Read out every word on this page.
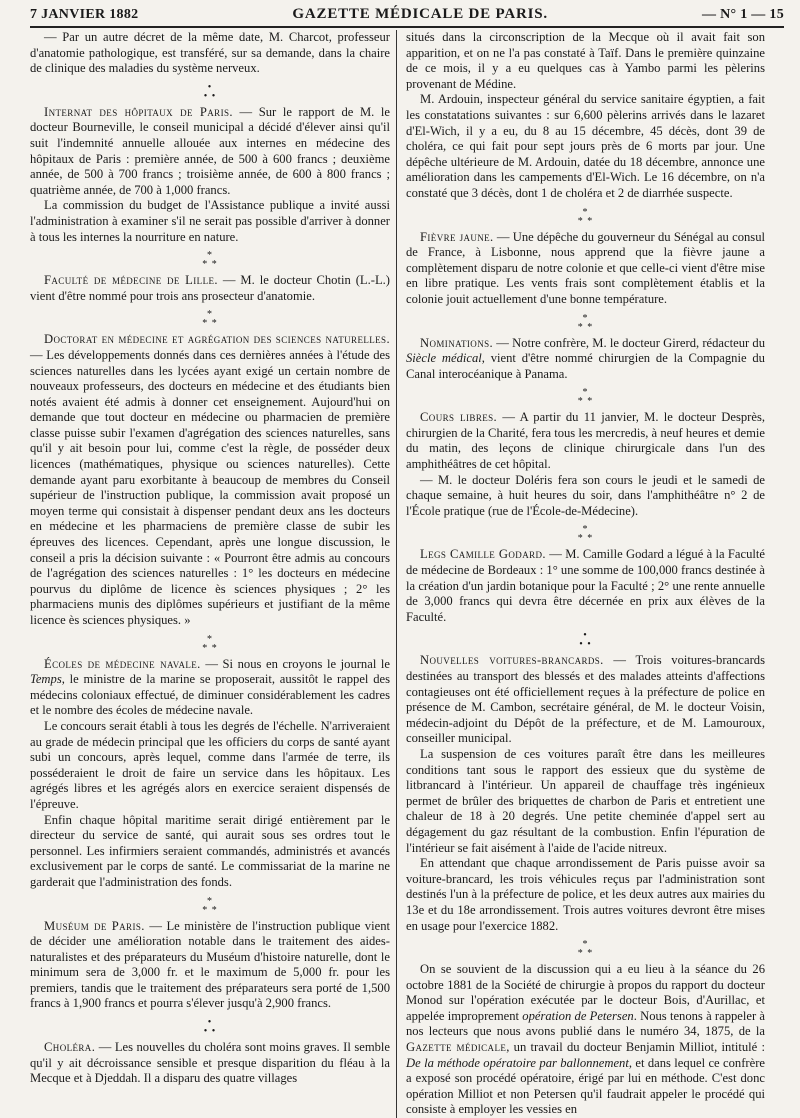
7 JANVIER 1882	GAZETTE MÉDICALE DE PARIS.	— N° 1 — 15

— Par un autre décret de la même date, M. Charcot, professeur d'anatomie pathologique, est transféré, sur sa demande, dans la chaire de clinique des maladies du système nerveux.

•
• •

Internat des hôpitaux de Paris. — Sur le rapport de M. le docteur Bourneville, le conseil municipal a décidé d'élever ainsi qu'il suit l'indemnité annuelle allouée aux internes en médecine des hôpitaux de Paris : première année, de 500 à 600 francs ; deuxième année, de 500 à 700 francs ; troisième année, de 600 à 800 francs ; quatrième année, de 700 à 1,000 francs.

La commission du budget de l'Assistance publique a invité aussi l'administration à examiner s'il ne serait pas possible d'arriver à donner à tous les internes la nourriture en nature.

*
* *

Faculté de médecine de Lille. — M. le docteur Chotin (L.-L.) vient d'être nommé pour trois ans prosecteur d'anatomie.

*
* *

Doctorat en médecine et agrégation des sciences naturelles. — Les développements donnés dans ces dernières années à l'étude des sciences naturelles dans les lycées ayant exigé un certain nombre de nouveaux professeurs, des docteurs en médecine et des étudiants bien notés avaient été admis à donner cet enseignement. Aujourd'hui on demande que tout docteur en médecine ou pharmacien de première classe puisse subir l'examen d'agrégation des sciences naturelles, sans qu'il y ait besoin pour lui, comme c'est la règle, de posséder deux licences (mathématiques, physique ou sciences naturelles). Cette demande ayant paru exorbitante à beaucoup de membres du Conseil supérieur de l'instruction publique, la commission avait proposé un moyen terme qui consistait à dispenser pendant deux ans les docteurs en médecine et les pharmaciens de première classe de subir les épreuves des licences. Cependant, après une longue discussion, le conseil a pris la décision suivante : « Pourront être admis au concours de l'agrégation des sciences naturelles : 1° les docteurs en médecine pourvus du diplôme de licence ès sciences physiques ; 2° les pharmaciens munis des diplômes supérieurs et justifiant de la même licence ès sciences physiques. »

*
* *

Écoles de médecine navale. — Si nous en croyons le journal le Temps, le ministre de la marine se proposerait, aussitôt le rappel des médecins coloniaux effectué, de diminuer considérablement les cadres et le nombre des écoles de médecine navale.

Le concours serait établi à tous les degrés de l'échelle. N'arriveraient au grade de médecin principal que les officiers du corps de santé ayant subi un concours, après lequel, comme dans l'armée de terre, ils posséderaient le droit de faire un service dans les hôpitaux. Les agrégés libres et les agrégés alors en exercice seraient dispensés de l'épreuve.

Enfin chaque hôpital maritime serait dirigé entièrement par le directeur du service de santé, qui aurait sous ses ordres tout le personnel. Les infirmiers seraient commandés, administrés et avancés exclusivement par le corps de santé. Le commissariat de la marine ne garderait que l'administration des fonds.

*
* *

Muséum de Paris. — Le ministère de l'instruction publique vient de décider une amélioration notable dans le traitement des aides-naturalistes et des préparateurs du Muséum d'histoire naturelle, dont le minimum sera de 3,000 fr. et le maximum de 5,000 fr. pour les premiers, tandis que le traitement des préparateurs sera porté de 1,500 francs à 1,900 francs et pourra s'élever jusqu'à 2,900 francs.

•
• •

Choléra. — Les nouvelles du choléra sont moins graves. Il semble qu'il y ait décroissance sensible et presque disparition du fléau à la Mecque et à Djeddah. Il a disparu des quatre villages

situés dans la circonscription de la Mecque où il avait fait son apparition, et on ne l'a pas constaté à Taïf. Dans le première quinzaine de ce mois, il y a eu quelques cas à Yambo parmi les pèlerins provenant de Médine.

M. Ardouin, inspecteur général du service sanitaire égyptien, a fait les constatations suivantes : sur 6,600 pèlerins arrivés dans le lazaret d'El-Wich, il y a eu, du 8 au 15 décembre, 45 décès, dont 39 de choléra, ce qui fait pour sept jours près de 6 morts par jour. Une dépêche ultérieure de M. Ardouin, datée du 18 décembre, annonce une amélioration dans les campements d'El-Wich. Le 16 décembre, on n'a constaté que 3 décès, dont 1 de choléra et 2 de diarrhée suspecte.

*
* *

Fièvre jaune. — Une dépêche du gouverneur du Sénégal au consul de France, à Lisbonne, nous apprend que la fièvre jaune a complètement disparu de notre colonie et que celle-ci vient d'être mise en libre pratique. Les vents frais sont complètement établis et la colonie jouit actuellement d'une bonne température.

*
* *

Nominations. — Notre confrère, M. le docteur Girerd, rédacteur du Siècle médical, vient d'être nommé chirurgien de la Compagnie du Canal interocéanique à Panama.

*
* *

Cours libres. — A partir du 11 janvier, M. le docteur Desprès, chirurgien de la Charité, fera tous les mercredis, à neuf heures et demie du matin, des leçons de clinique chirurgicale dans l'un des amphithéâtres de cet hôpital.

— M. le docteur Doléris fera son cours le jeudi et le samedi de chaque semaine, à huit heures du soir, dans l'amphithéâtre n° 2 de l'École pratique (rue de l'École-de-Médecine).

*
* *

Legs Camille Godard. — M. Camille Godard a légué à la Faculté de médecine de Bordeaux : 1° une somme de 100,000 francs destinée à la création d'un jardin botanique pour la Faculté ; 2° une rente annuelle de 3,000 francs qui devra être décernée en prix aux élèves de la Faculté.

•
• •

Nouvelles voitures-brancards. — Trois voitures-brancards destinées au transport des blessés et des malades atteints d'affections contagieuses ont été officiellement reçues à la préfecture de police en présence de M. Cambon, secrétaire général, de M. le docteur Voisin, médecin-adjoint du Dépôt de la préfecture, et de M. Lamouroux, conseiller municipal.

La suspension de ces voitures paraît être dans les meilleures conditions tant sous le rapport des essieux que du système de litbrancard à l'intérieur. Un appareil de chauffage très ingénieux permet de brûler des briquettes de charbon de Paris et entretient une chaleur de 18 à 20 degrés. Une petite cheminée d'appel sert au dégagement du gaz résultant de la combustion. Enfin l'épuration de l'intérieur se fait aisément à l'aide de l'acide nitreux.

En attendant que chaque arrondissement de Paris puisse avoir sa voiture-brancard, les trois véhicules reçus par l'administration sont destinés l'un à la préfecture de police, et les deux autres aux mairies du 13e et du 18e arrondissement. Trois autres voitures devront être mises en usage pour l'exercice 1882.

*
* *

On se souvient de la discussion qui a eu lieu à la séance du 26 octobre 1881 de la Société de chirurgie à propos du rapport du docteur Monod sur l'opération exécutée par le docteur Bois, d'Aurillac, et appelée improprement opération de Petersen. Nous tenons à rappeler à nos lecteurs que nous avons publié dans le numéro 34, 1875, de la Gazette médicale, un travail du docteur Benjamin Milliot, intitulé : De la méthode opératoire par ballonnement, et dans lequel ce confrère a exposé son procédé opératoire, érigé par lui en méthode. C'est donc opération Milliot et non Petersen qu'il faudrait appeler le procédé qui consiste à employer les vessies en
